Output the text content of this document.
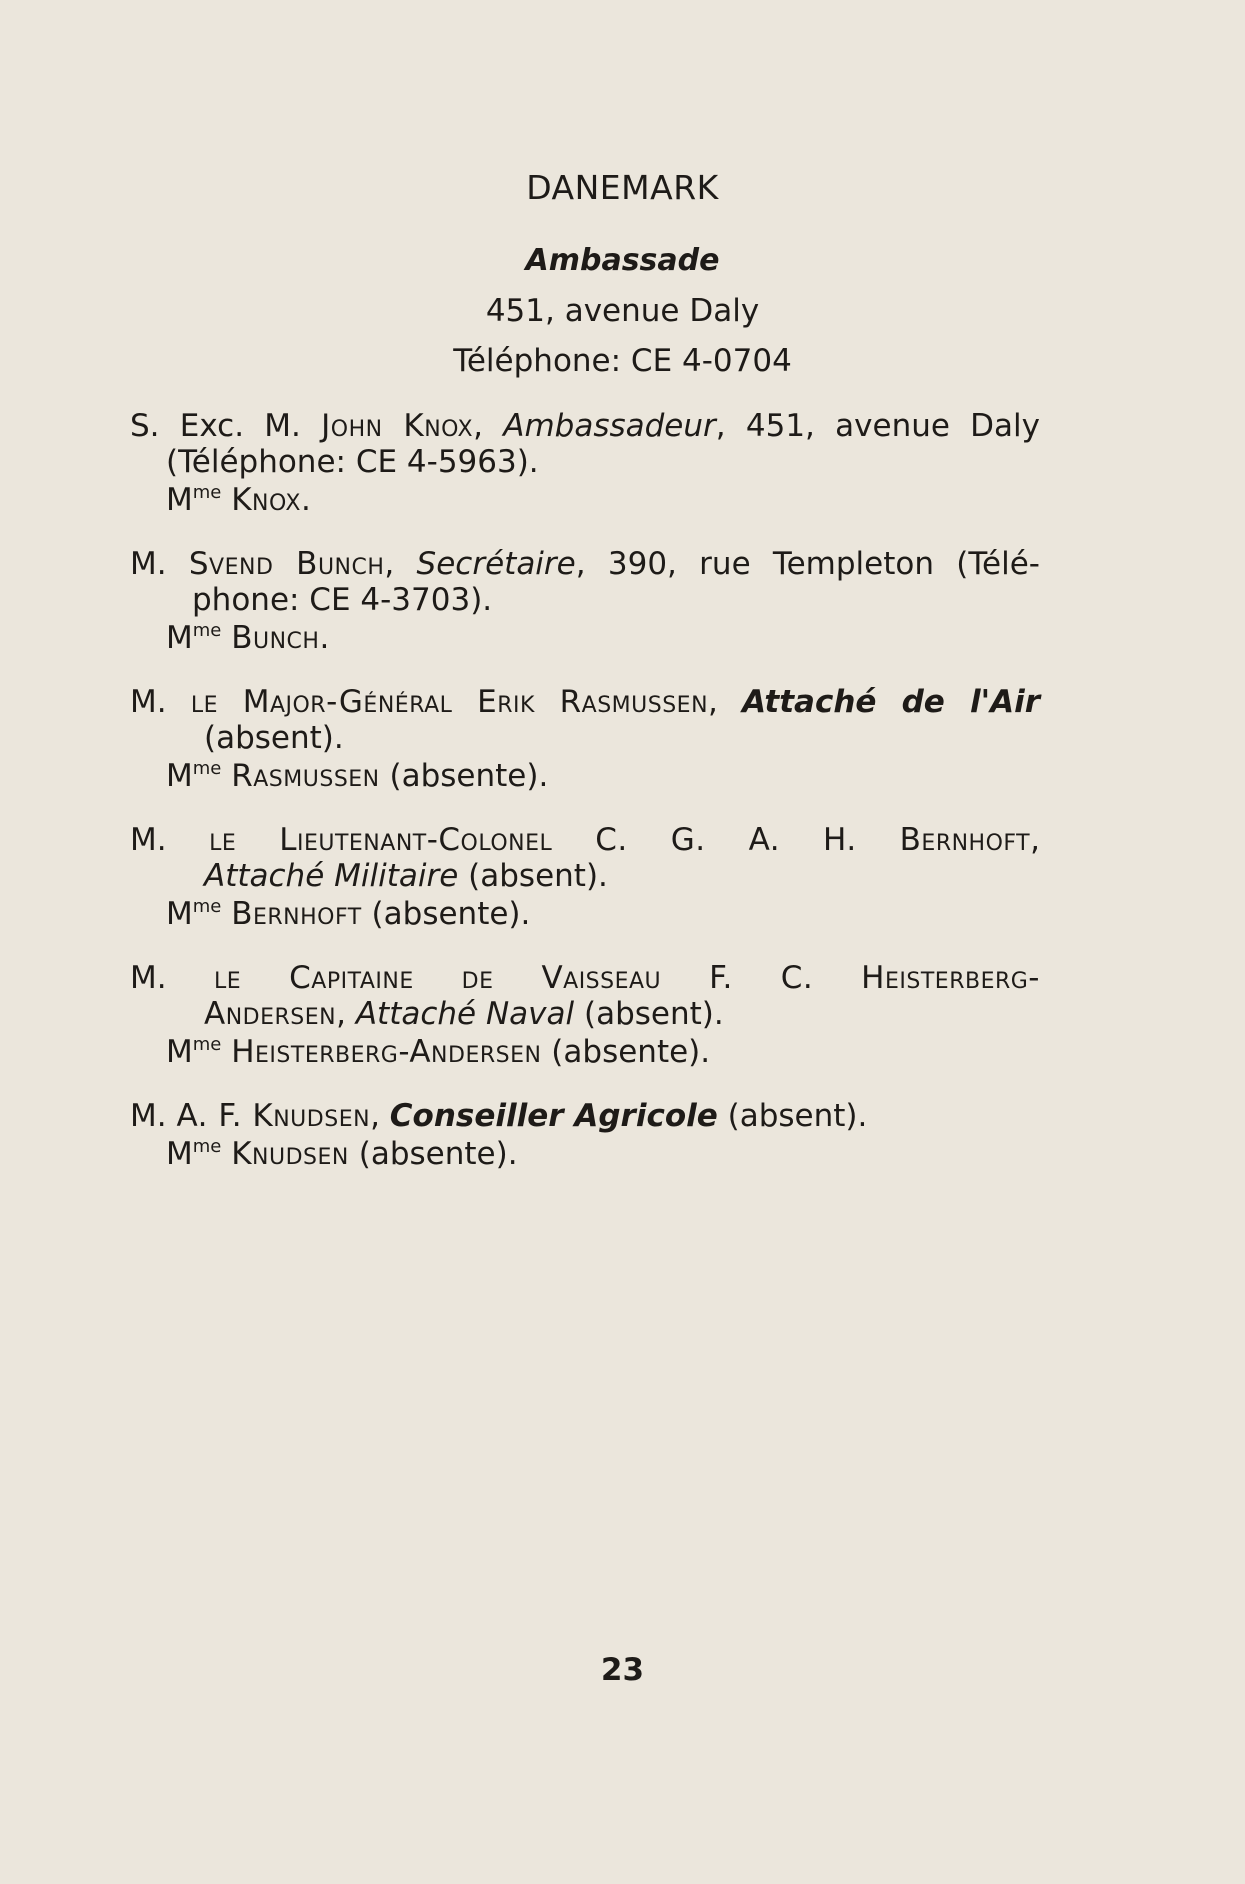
DANEMARK
Ambassade
451, avenue Daly
Téléphone: CE 4-0704
S. Exc. M. John Knox, Ambassadeur, 451, avenue Daly
(Téléphone: CE 4-5963).
$M^{me}$ Knox.
M. Svend Bunch, Secrétaire, 390, rue Templeton (Télé-
phone: CE 4-3703).
$M^{me}$ Bunch.
M. le Major-Général Erik Rasmussen, Attaché de l'Air
(absent).
$M^{me}$ Rasmussen (absente).
M. le Lieutenant-Colonel C. G. A. H. Bernhoft,
Attaché Militaire (absent).
$M^{me}$ Bernhoft (absente).
M. le Capitaine de Vaisseau F. C. Heisterberg-
Andersen, Attaché Naval (absent).
$M^{me}$ Heisterberg-Andersen (absente).
M. A. F. Knudsen, Conseiller Agricole (absent).
$M^{me}$ Knudsen (absente).
23
